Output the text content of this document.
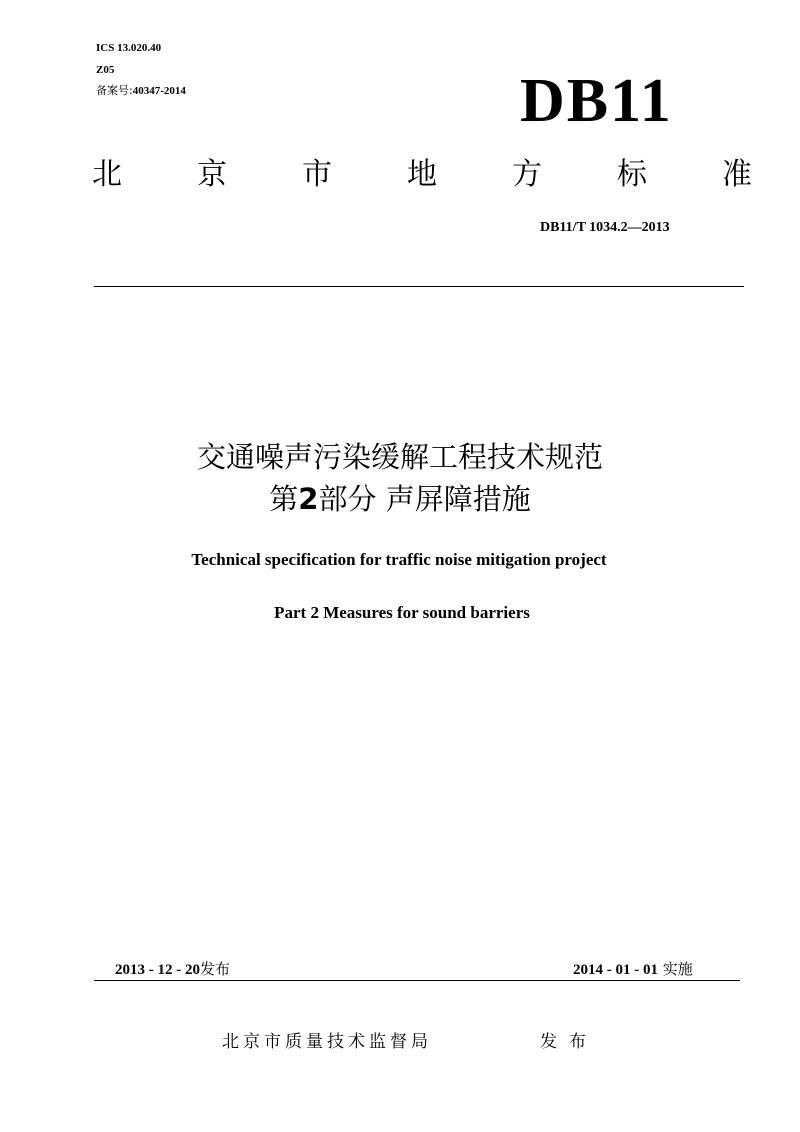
ICS 13.020.40
Z05
备案号:40347-2014	DB11
北	京	市	地	方	标	准
DB11/T 1034.2—2013
交通噪声污染缓解工程技术规范
第2部分 声屏障措施
Technical specification for traffic noise mitigation project
Part 2 Measures for sound barriers
2013 - 12 - 20发布	2014 - 01 - 01 实施
北京市质量技术监督局	发 布
